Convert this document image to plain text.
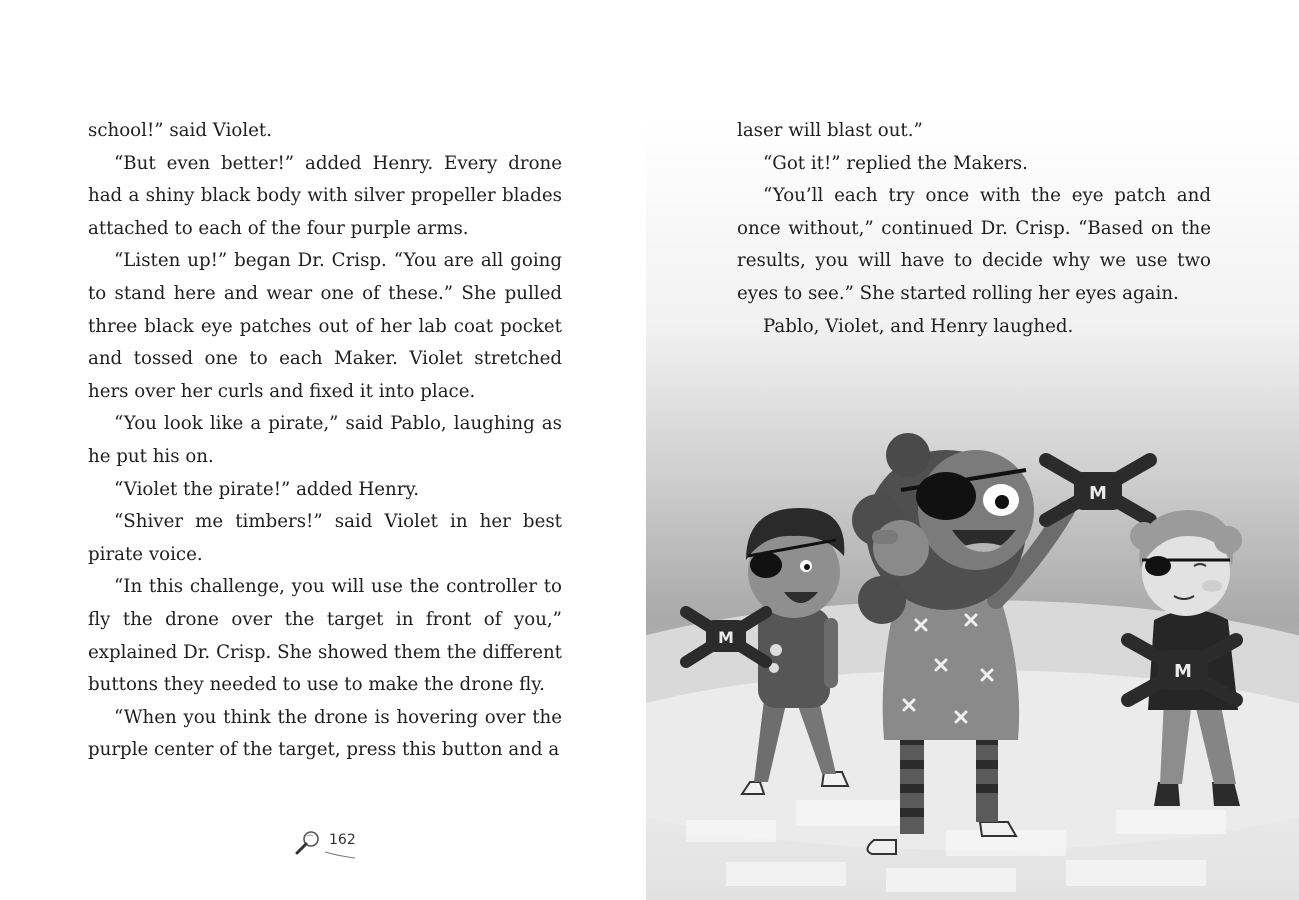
school!” said Violet.

“But even better!” added Henry. Every drone had a shiny black body with silver propeller blades attached to each of the four purple arms.

“Listen up!” began Dr. Crisp. “You are all going to stand here and wear one of these.” She pulled three black eye patches out of her lab coat pocket and tossed one to each Maker. Violet stretched hers over her curls and fixed it into place.

“You look like a pirate,” said Pablo, laughing as he put his on.

“Violet the pirate!” added Henry.

“Shiver me timbers!” said Violet in her best pirate voice.

“In this challenge, you will use the controller to fly the drone over the target in front of you,” explained Dr. Crisp. She showed them the different buttons they needed to use to make the drone fly.

“When you think the drone is hovering over the purple center of the target, press this button and a

162
M
M
M

laser will blast out.”

“Got it!” replied the Makers.

“You’ll each try once with the eye patch and once without,” continued Dr. Crisp. “Based on the results, you will have to decide why we use two eyes to see.” She started rolling her eyes again.

Pablo, Violet, and Henry laughed.
